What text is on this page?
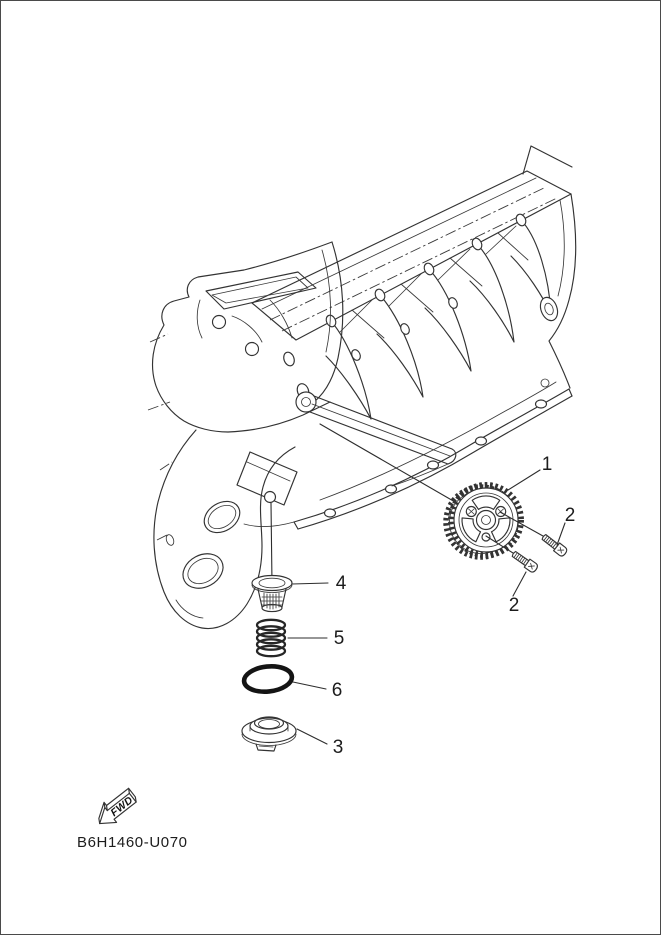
1
2
2
4
5
6
3
FWD
B6H1460-U070
